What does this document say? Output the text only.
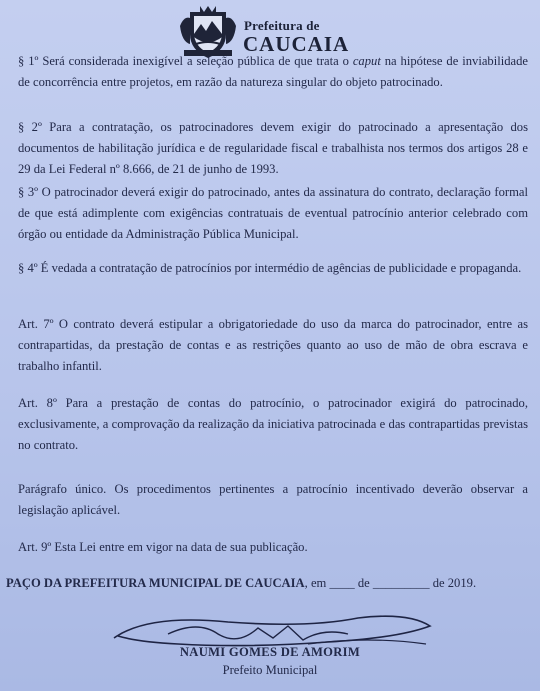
Prefeitura de
CAUCAIA

§ 1º Será considerada inexigível a seleção pública de que trata o caput na hipótese de inviabilidade de concorrência entre projetos, em razão da natureza singular do objeto patrocinado.

§ 2º Para a contratação, os patrocinadores devem exigir do patrocinado a apresentação dos documentos de habilitação jurídica e de regularidade fiscal e trabalhista nos termos dos artigos 28 e 29 da Lei Federal nº 8.666, de 21 de junho de 1993.

§ 3º O patrocinador deverá exigir do patrocinado, antes da assinatura do contrato, declaração formal de que está adimplente com exigências contratuais de eventual patrocínio anterior celebrado com órgão ou entidade da Administração Pública Municipal.

§ 4º É vedada a contratação de patrocínios por intermédio de agências de publicidade e propaganda.

Art. 7º O contrato deverá estipular a obrigatoriedade do uso da marca do patrocinador, entre as contrapartidas, da prestação de contas e as restrições quanto ao uso de mão de obra escrava e trabalho infantil.

Art. 8º Para a prestação de contas do patrocínio, o patrocinador exigirá do patrocinado, exclusivamente, a comprovação da realização da iniciativa patrocinada e das contrapartidas previstas no contrato.

Parágrafo único. Os procedimentos pertinentes a patrocínio incentivado deverão observar a legislação aplicável.

Art. 9º Esta Lei entre em vigor na data de sua publicação.

PAÇO DA PREFEITURA MUNICIPAL DE CAUCAIA, em ____ de _________ de 2019.
NAUMI GOMES DE AMORIM
Prefeito Municipal
